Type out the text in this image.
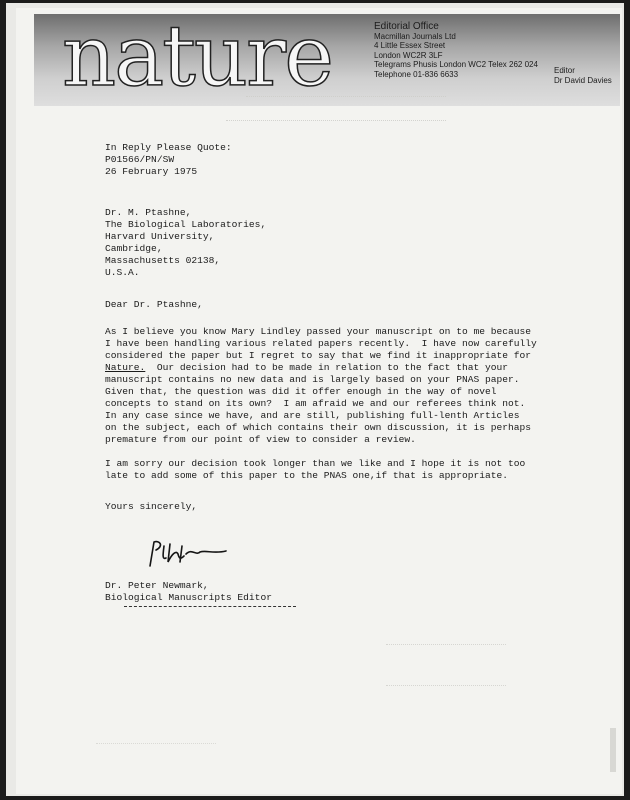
nature	Editorial Office
Macmillan Journals Ltd
4 Little Essex Street
London WC2R 3LF
Telegrams Phusis London WC2 Telex 262 024
Telephone 01-836 6633	Editor
Dr David Davies
In Reply Please Quote:
P01566/PN/SW
26 February 1975
Dr. M. Ptashne,
The Biological Laboratories,
Harvard University,
Cambridge,
Massachusetts 02138,
U.S.A.
Dear Dr. Ptashne,
As I believe you know Mary Lindley passed your manuscript on to me because
I have been handling various related papers recently.  I have now carefully
considered the paper but I regret to say that we find it inappropriate for
Nature.  Our decision had to be made in relation to the fact that your
manuscript contains no new data and is largely based on your PNAS paper.
Given that, the question was did it offer enough in the way of novel
concepts to stand on its own?  I am afraid we and our referees think not.
In any case since we have, and are still, publishing full-lenth Articles
on the subject, each of which contains their own discussion, it is perhaps
premature from our point of view to consider a review.
I am sorry our decision took longer than we like and I hope it is not too
late to add some of this paper to the PNAS one,if that is appropriate.
Yours sincerely,
Dr. Peter Newmark,
Biological Manuscripts Editor
